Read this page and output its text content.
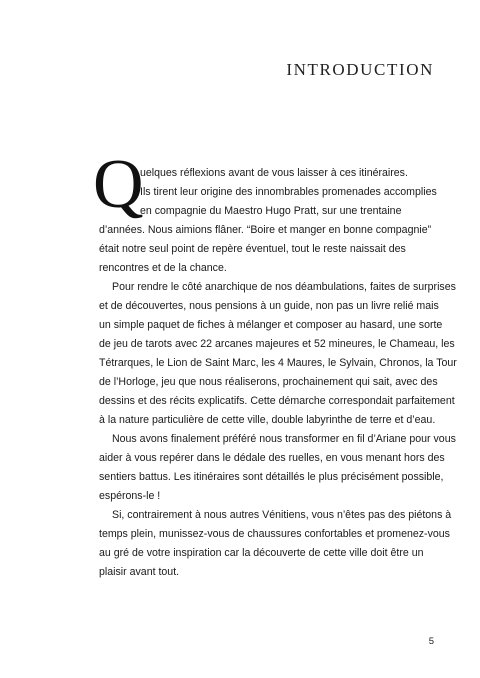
INTRODUCTION
Q
uelques réflexions avant de vous laisser à ces itinéraires.
Ils tirent leur origine des innombrables promenades accomplies
en compagnie du Maestro Hugo Pratt, sur une trentaine
d’années. Nous aimions flâner. “Boire et manger en bonne compagnie”
était notre seul point de repère éventuel, tout le reste naissait des
rencontres et de la chance.
Pour rendre le côté anarchique de nos déambulations, faites de surprises
et de découvertes, nous pensions à un guide, non pas un livre relié mais
un simple paquet de fiches à mélanger et composer au hasard, une sorte
de jeu de tarots avec 22 arcanes majeures et 52 mineures, le Chameau, les
Tétrarques, le Lion de Saint Marc, les 4 Maures, le Sylvain, Chronos, la Tour
de l’Horloge, jeu que nous réaliserons, prochainement qui sait, avec des
dessins et des récits explicatifs. Cette démarche correspondait parfaitement
à la nature particulière de cette ville, double labyrinthe de terre et d’eau.
Nous avons finalement préféré nous transformer en fil d’Ariane pour vous
aider à vous repérer dans le dédale des ruelles, en vous menant hors des
sentiers battus. Les itinéraires sont détaillés le plus précisément possible,
espérons-le !
Si, contrairement à nous autres Vénitiens, vous n’êtes pas des piétons à
temps plein, munissez-vous de chaussures confortables et promenez-vous
au gré de votre inspiration car la découverte de cette ville doit être un
plaisir avant tout.
5
